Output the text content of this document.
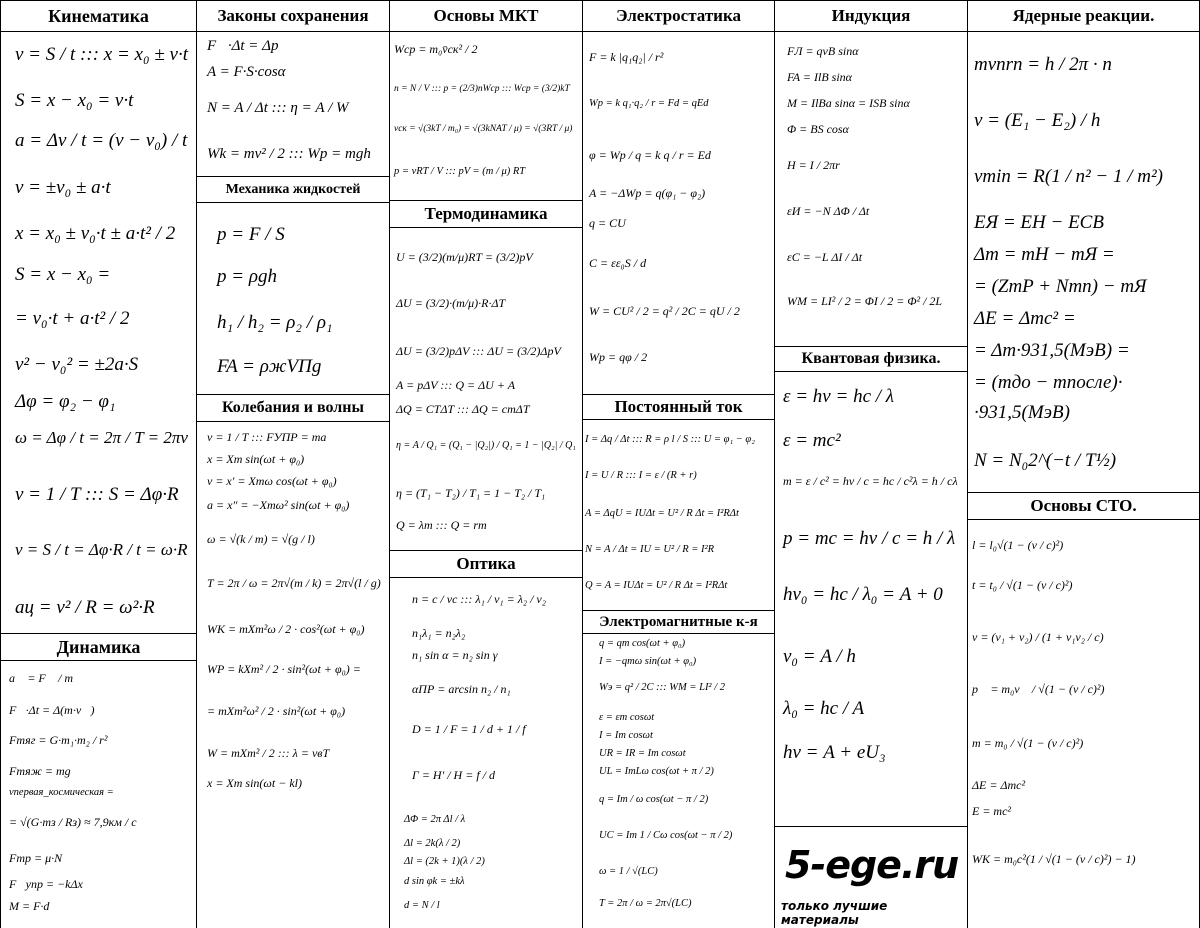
Кинематика
v = S / t ::: x = x₀ ± v·t
S = x − x₀ = v·t
a = Δv / t = (v − v₀) / t
v = ±v₀ ± a·t
x = x₀ ± v₀·t ± a·t² / 2
S = x − x₀ =
= v₀·t + a·t² / 2
v² − v₀² = ±2a·S
Δφ = φ₂ − φ₁
ω = Δφ / t = 2π / T = 2πν
ν = 1 / T ::: S = Δφ·R
v = S / t = Δφ·R / t = ω·R
aц = v² / R = ω²·R
Динамика
a⃗ = F⃗ / m
F⃗·Δt = Δ(m·v⃗)
Fтяг = G·m₁·m₂ / r²
Fтяж = mg
vпервая_космическая =
= √(G·mз / Rз) ≈ 7,9км / с
Fтр = μ·N
F⃗упр = −kΔx⃗
M = F·d
Законы сохранения
F⃗·Δt = Δp⃗
A = F·S·cosα
N = A / Δt ::: η = A / W
Wk = mv² / 2 ::: Wp = mgh
Механика жидкостей
p = F / S
p = ρgh
h₁ / h₂ = ρ₂ / ρ₁
FA = ρжVПg
Колебания и волны
ν = 1 / T ::: FУПР = ma
x = Xm sin(ωt + φ₀)
v = x′ = Xmω cos(ωt + φ₀)
a = x″ = −Xmω² sin(ωt + φ₀)
ω = √(k / m) = √(g / l)
T = 2π / ω = 2π√(m / k) = 2π√(l / g)
WK = mXm²ω / 2 · cos²(ωt + φ₀)
WP = kXm² / 2 · sin²(ωt + φ₀) =
= mXm²ω² / 2 · sin²(ωt + φ₀)
W = mXm² / 2 ::: λ = νвT
x = Xm sin(ωt − kl)
Основы МКТ
Wср = m₀v̄ск² / 2
n = N / V ::: p = (2/3)nWср ::: Wср = (3/2)kT
vск = √(3kT / m₀) = √(3kNAT / μ) = √(3RT / μ)
p = νRT / V ::: pV = (m / μ) RT
Термодинамика
U = (3/2)(m/μ)RT = (3/2)pV
ΔU = (3/2)·(m/μ)·R·ΔT
ΔU = (3/2)pΔV ::: ΔU = (3/2)ΔpV
A = pΔV ::: Q = ΔU + A
ΔQ = CTΔT ::: ΔQ = cmΔT
η = A / Q₁ = (Q₁ − |Q₂|) / Q₁ = 1 − |Q₂| / Q₁
η = (T₁ − T₂) / T₁ = 1 − T₂ / T₁
Q = λm ::: Q = rm
Оптика
n = c / vc ::: λ₁ / v₁ = λ₂ / v₂
n₁λ₁ = n₂λ₂
n₁ sin α = n₂ sin γ
αПР = arcsin n₂ / n₁
D = 1 / F = 1 / d + 1 / f
Γ = H′ / H = f / d
ΔΦ = 2π Δl / λ
Δl = 2k(λ / 2)
Δl = (2k + 1)(λ / 2)
d sin φk = ±kλ
d = N / l
Электростатика
F = k |q₁q₂| / r²
Wp = k q₁·q₂ / r = Fd = qEd
φ = Wp / q = k q / r = Ed
A = −ΔWp = q(φ₁ − φ₂)
q = CU
C = εε₀S / d
W = CU² / 2 = q² / 2C = qU / 2
Wp = qφ / 2
Постоянный ток
I = Δq / Δt ::: R = ρ l / S ::: U = φ₁ − φ₂
I = U / R ::: I = ε / (R + r)
A = ΔqU = IUΔt = U² / R Δt = I²RΔt
N = A / Δt = IU = U² / R = I²R
Q = A = IUΔt = U² / R Δt = I²RΔt
Электромагнитные к-я
q = qm cos(ωt + φ₀)
I = −qmω sin(ωt + φ₀)
Wэ = q² / 2C ::: WM = LI² / 2
ε = εm cosωt
I = Im cosωt
UR = IR = Im cosωt
UL = ImLω cos(ωt + π / 2)
q = Im / ω cos(ωt − π / 2)
UC = Im 1 / Cω cos(ωt − π / 2)
ω = 1 / √(LC)
T = 2π / ω = 2π√(LC)
Индукция
FЛ = qvB sinα
FA = IlB sinα
M = IlBa sinα = ISB sinα
Φ = BS cosα
H = I / 2πr
εИ = −N ΔΦ / Δt
εC = −L ΔI / Δt
WM = LI² / 2 = ΦI / 2 = Φ² / 2L
Квантовая физика.
ε = hν = hc / λ
ε = mc²
m = ε / c² = hν / c = hc / c²λ = h / cλ
p = mc = hν / c = h / λ
hν₀ = hc / λ₀ = A + 0
ν₀ = A / h
λ₀ = hc / A
hν = A + eU₃
5-ege.ru
только лучшие материалы
Ядерные реакции.
mνnrn = h / 2π · n
ν = (E₁ − E₂) / h
νmin = R(1 / n² − 1 / m²)
EЯ = EН − EСВ
Δm = mH − mЯ =
= (ZmP + Nmn) − mЯ
ΔE = Δmc² =
= Δm·931,5(МэВ) =
= (mдо − mпосле)·
·931,5(МэВ)
N = N₀2^(−t / T½)
Основы СТО.
l = l₀√(1 − (v / c)²)
t = t₀ / √(1 − (v / c)²)
v = (v₁ + v₂) / (1 + v₁v₂ / c)
p⃗ = m₀v⃗ / √(1 − (v / c)²)
m = m₀ / √(1 − (v / c)²)
ΔE = Δmc²
E = mc²
WK = m₀c²(1 / √(1 − (v / c)²) − 1)
